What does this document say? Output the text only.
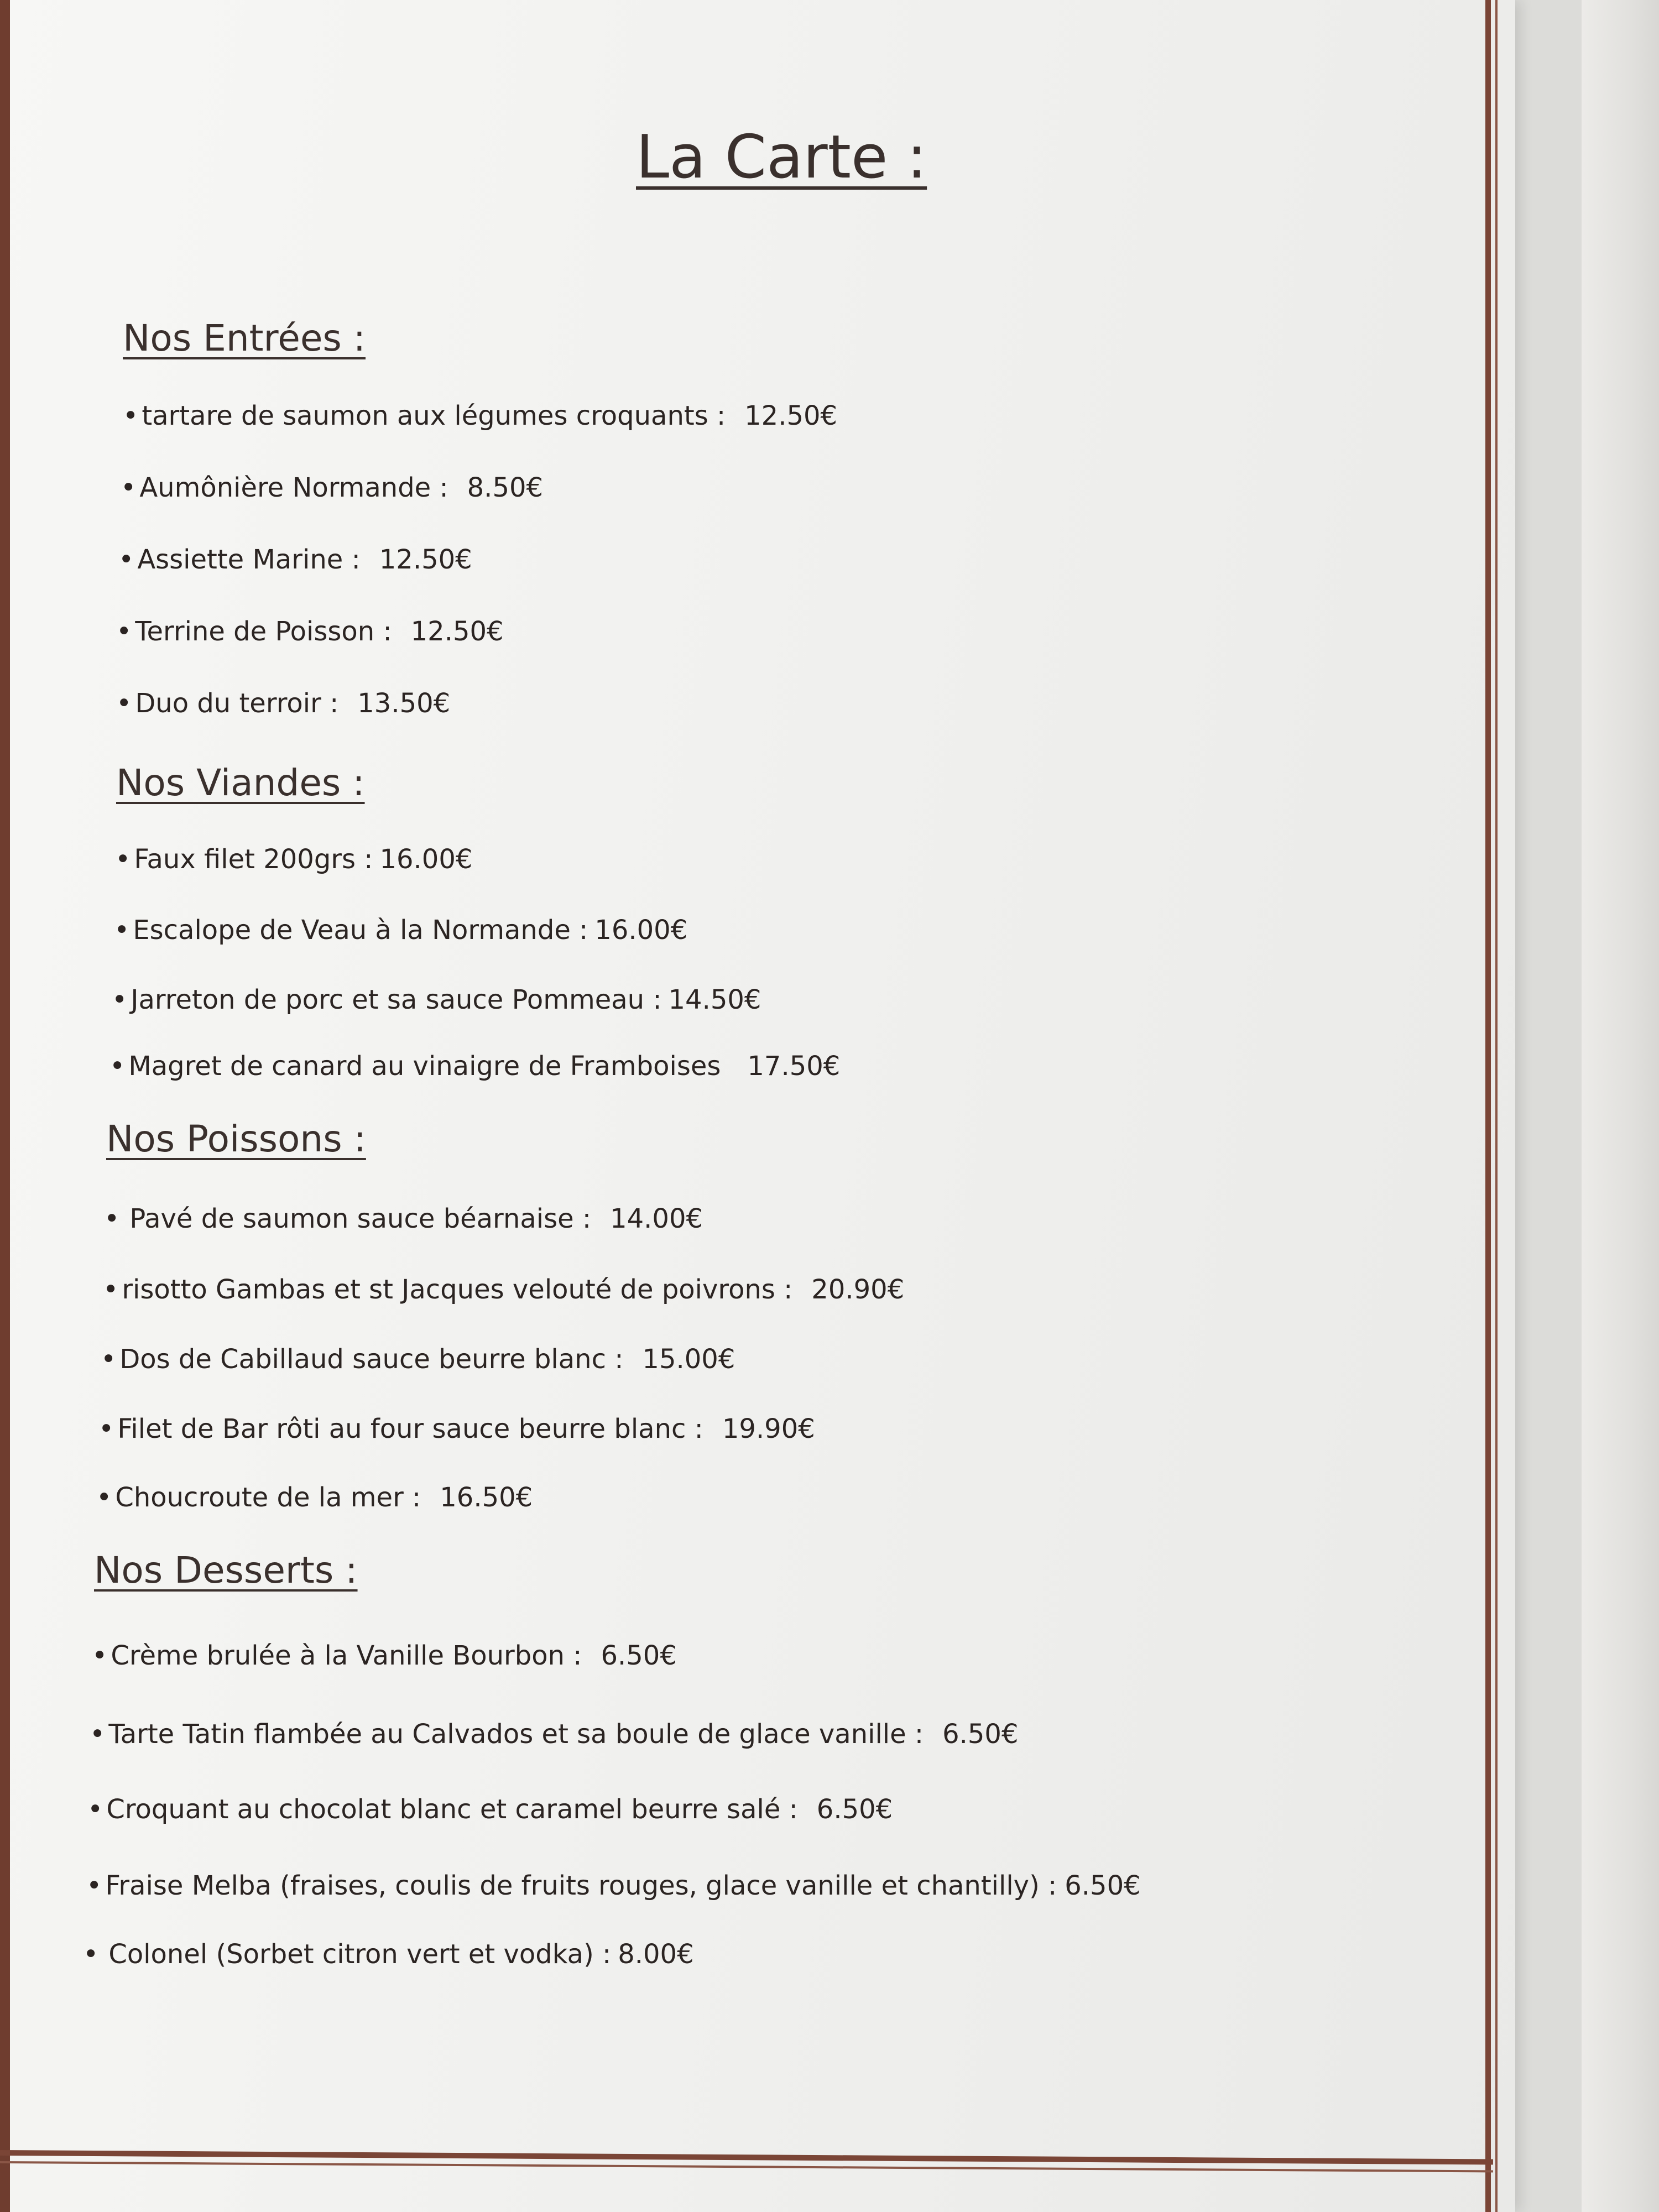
La Carte :
Nos Entrées :
• tartare de saumon aux légumes croquants : 12.50€
• Aumônière Normande : 8.50€
• Assiette Marine : 12.50€
• Terrine de Poisson : 12.50€
• Duo du terroir : 13.50€
Nos Viandes :
• Faux filet 200grs : 16.00€
• Escalope de Veau à la Normande : 16.00€
• Jarreton de porc et sa sauce Pommeau : 14.50€
• Magret de canard au vinaigre de Framboises 17.50€
Nos Poissons :
• Pavé de saumon sauce béarnaise : 14.00€
• risotto Gambas et st Jacques velouté de poivrons : 20.90€
• Dos de Cabillaud sauce beurre blanc : 15.00€
• Filet de Bar rôti au four sauce beurre blanc : 19.90€
• Choucroute de la mer : 16.50€
Nos Desserts :
• Crème brulée à la Vanille Bourbon : 6.50€
• Tarte Tatin flambée au Calvados et sa boule de glace vanille : 6.50€
• Croquant au chocolat blanc et caramel beurre salé : 6.50€
• Fraise Melba (fraises, coulis de fruits rouges, glace vanille et chantilly) : 6.50€
• Colonel (Sorbet citron vert et vodka) : 8.00€
